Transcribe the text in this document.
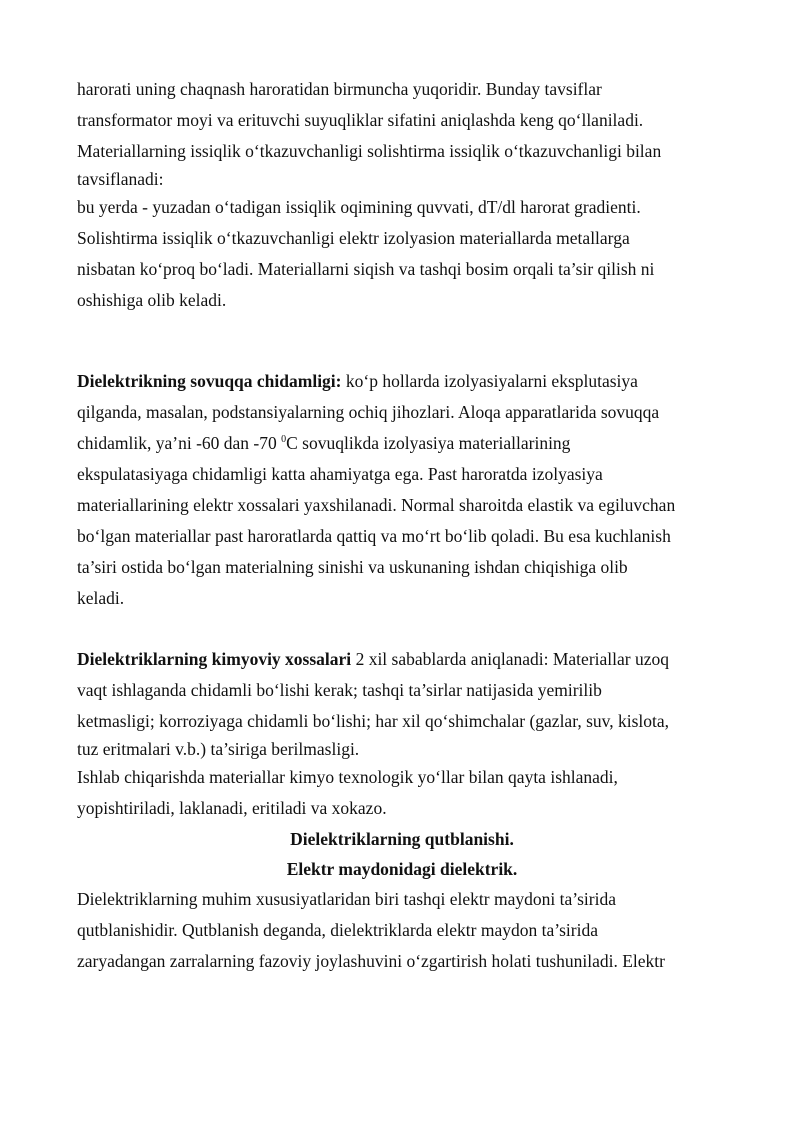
harorati uning chaqnash haroratidan birmuncha yuqoridir. Bunday tavsiflar
transformator moyi va erituvchi suyuqliklar sifatini aniqlashda keng qo‘llaniladi.
Materiallarning issiqlik o‘tkazuvchanligi solishtirma issiqlik o‘tkazuvchanligi bilan
tavsiflanadi:
bu yerda - yuzadan o‘tadigan issiqlik oqimining quvvati, dT/dl harorat gradienti.
Solishtirma issiqlik o‘tkazuvchanligi elektr izolyasion materiallarda metallarga
nisbatan ko‘proq bo‘ladi. Materiallarni siqish va tashqi bosim orqali ta’sir qilish ni
oshishiga olib keladi.
Dielektrikning sovuqqa chidamligi: ko‘p hollarda izolyasiyalarni eksplutasiya
qilganda, masalan, podstansiyalarning ochiq jihozlari. Aloqa apparatlarida sovuqqa
chidamlik, ya’ni -60 dan -70 $^0$C sovuqlikda izolyasiya materiallarining
ekspulatasiyaga chidamligi katta ahamiyatga ega. Past haroratda izolyasiya
materiallarining elektr xossalari yaxshilanadi. Normal sharoitda elastik va egiluvchan
bo‘lgan materiallar past haroratlarda qattiq va mo‘rt bo‘lib qoladi. Bu esa kuchlanish
ta’siri ostida bo‘lgan materialning sinishi va uskunaning ishdan chiqishiga olib
keladi.
Dielektriklarning kimyoviy xossalari 2 xil sabablarda aniqlanadi: Materiallar uzoq
vaqt ishlaganda chidamli bo‘lishi kerak; tashqi ta’sirlar natijasida yemirilib
ketmasligi; korroziyaga chidamli bo‘lishi; har xil qo‘shimchalar (gazlar, suv, kislota,
tuz eritmalari v.b.) ta’siriga berilmasligi.
Ishlab chiqarishda materiallar kimyo texnologik yo‘llar bilan qayta ishlanadi,
yopishtiriladi, laklanadi, eritiladi va xokazo.
Dielektriklarning qutblanishi.
Elektr maydonidagi dielektrik.
Dielektriklarning muhim xususiyatlaridan biri tashqi elektr maydoni ta’sirida
qutblanishidir. Qutblanish deganda, dielektriklarda elektr maydon ta’sirida
zaryadangan zarralarning fazoviy joylashuvini o‘zgartirish holati tushuniladi. Elektr
